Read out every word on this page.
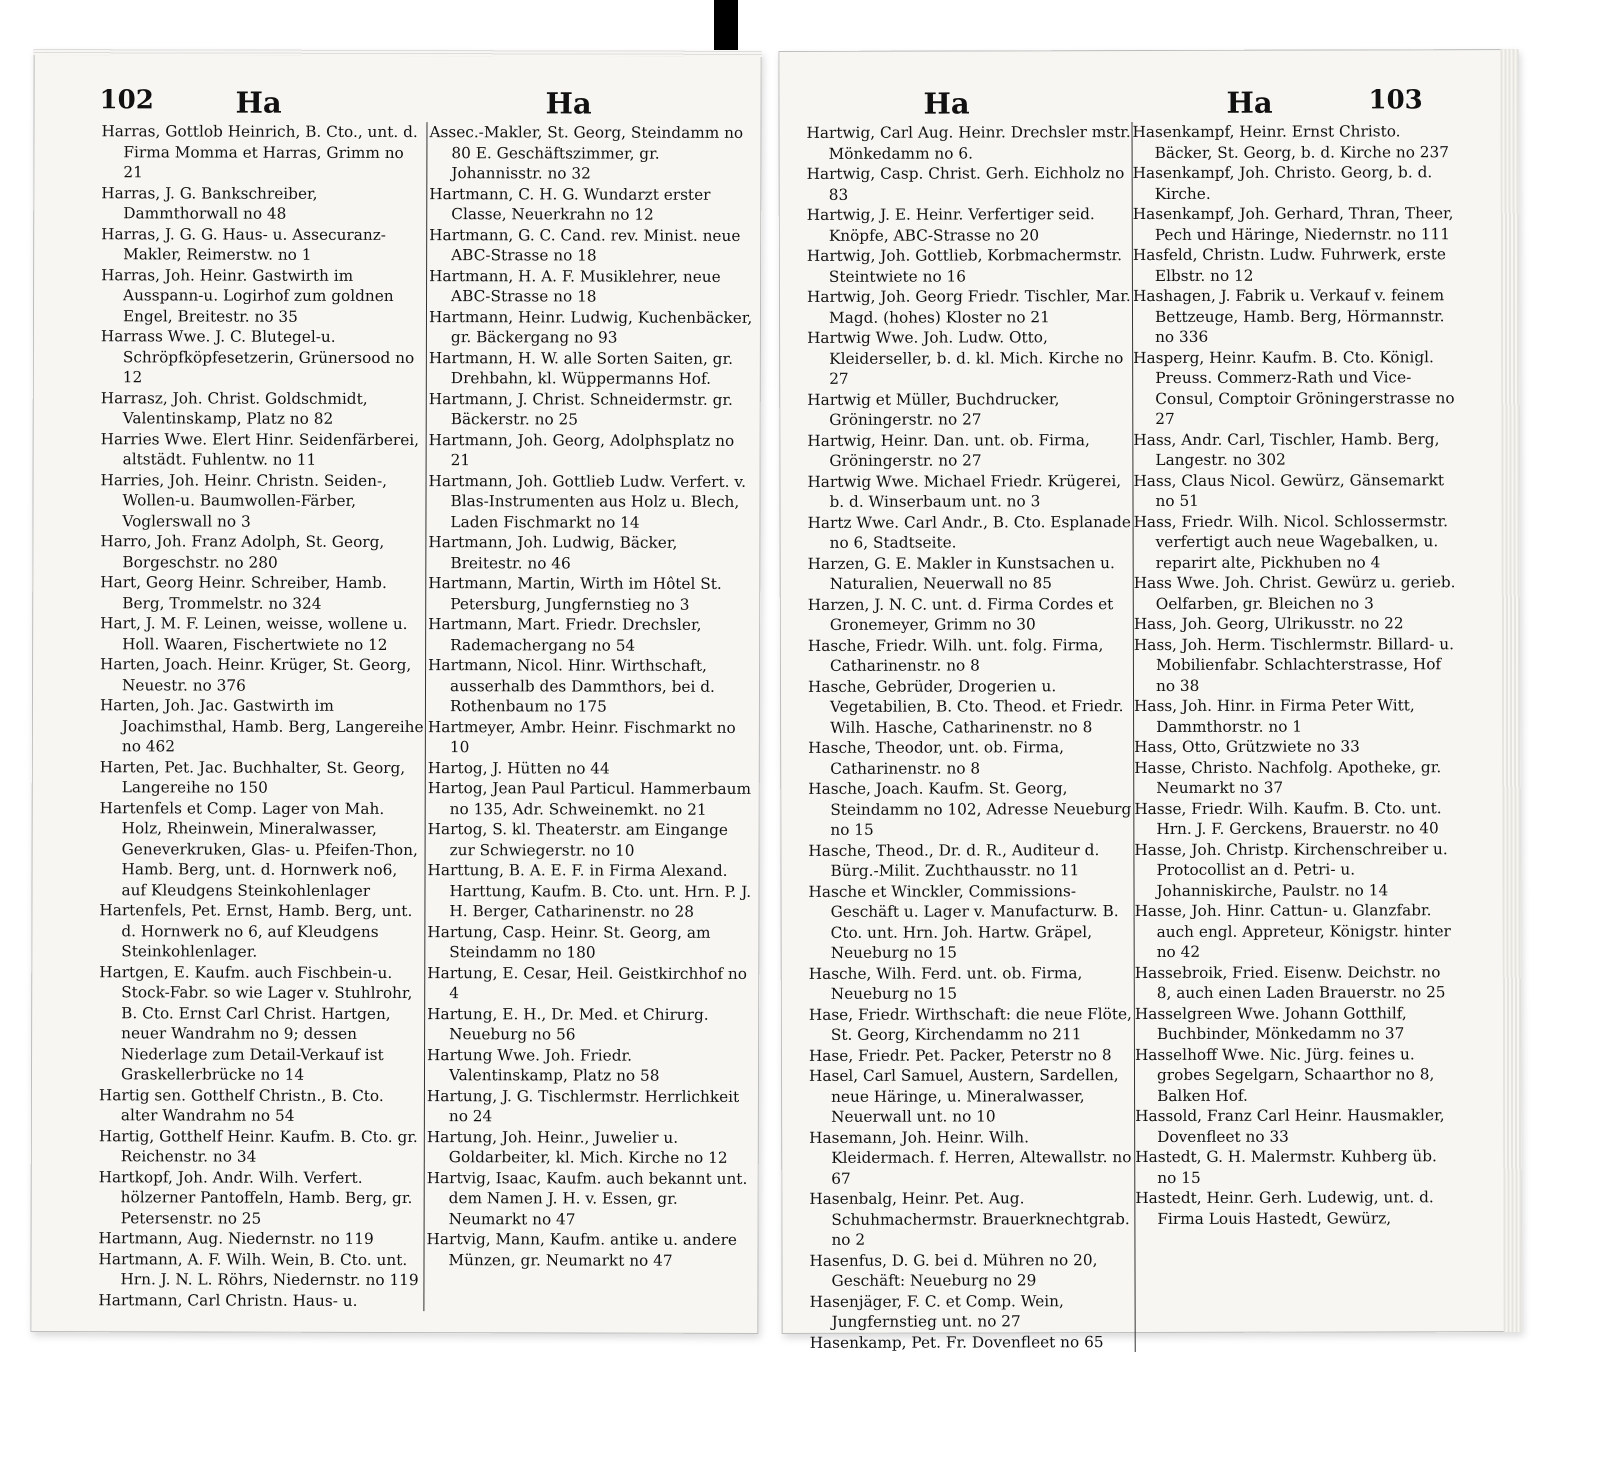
102	Ha	Ha

Harras, Gottlob Heinrich, B. Cto., unt. d. Firma Momma et Harras, Grimm no 21

Harras, J. G. Bankschreiber, Dammthorwall no 48

Harras, J. G. G. Haus- u. Assecuranz-Makler, Reimerstw. no 1

Harras, Joh. Heinr. Gastwirth im Ausspann-u. Logirhof zum goldnen Engel, Breitestr. no 35

Harrass Wwe. J. C. Blutegel-u. Schröpfköpfesetzerin, Grünersood no 12

Harrasz, Joh. Christ. Goldschmidt, Valentinskamp, Platz no 82

Harries Wwe. Elert Hinr. Seidenfärberei, altstädt. Fuhlentw. no 11

Harries, Joh. Heinr. Christn. Seiden-, Wollen-u. Baumwollen-Färber, Voglerswall no 3

Harro, Joh. Franz Adolph, St. Georg, Borgeschstr. no 280

Hart, Georg Heinr. Schreiber, Hamb. Berg, Trommelstr. no 324

Hart, J. M. F. Leinen, weisse, wollene u. Holl. Waaren, Fischertwiete no 12

Harten, Joach. Heinr. Krüger, St. Georg, Neuestr. no 376

Harten, Joh. Jac. Gastwirth im Joachimsthal, Hamb. Berg, Langereihe no 462

Harten, Pet. Jac. Buchhalter, St. Georg, Langereihe no 150

Hartenfels et Comp. Lager von Mah. Holz, Rheinwein, Mineralwasser, Geneverkruken, Glas- u. Pfeifen-Thon, Hamb. Berg, unt. d. Hornwerk no6, auf Kleudgens Steinkohlenlager

Hartenfels, Pet. Ernst, Hamb. Berg, unt. d. Hornwerk no 6, auf Kleudgens Steinkohlenlager.

Hartgen, E. Kaufm. auch Fischbein-u. Stock-Fabr. so wie Lager v. Stuhlrohr, B. Cto. Ernst Carl Christ. Hartgen, neuer Wandrahm no 9; dessen Niederlage zum Detail-Verkauf ist Graskellerbrücke no 14

Hartig sen. Gotthelf Christn., B. Cto. alter Wandrahm no 54

Hartig, Gotthelf Heinr. Kaufm. B. Cto. gr. Reichenstr. no 34

Hartkopf, Joh. Andr. Wilh. Verfert. hölzerner Pantoffeln, Hamb. Berg, gr. Petersenstr. no 25

Hartmann, Aug. Niedernstr. no 119

Hartmann, A. F. Wilh. Wein, B. Cto. unt. Hrn. J. N. L. Röhrs, Niedernstr. no 119

Hartmann, Carl Christn. Haus- u.

Assec.-Makler, St. Georg, Steindamm no 80 E. Geschäftszimmer, gr. Johannisstr. no 32

Hartmann, C. H. G. Wundarzt erster Classe, Neuerkrahn no 12

Hartmann, G. C. Cand. rev. Minist. neue ABC-Strasse no 18

Hartmann, H. A. F. Musiklehrer, neue ABC-Strasse no 18

Hartmann, Heinr. Ludwig, Kuchenbäcker, gr. Bäckergang no 93

Hartmann, H. W. alle Sorten Saiten, gr. Drehbahn, kl. Wüppermanns Hof.

Hartmann, J. Christ. Schneidermstr. gr. Bäckerstr. no 25

Hartmann, Joh. Georg, Adolphsplatz no 21

Hartmann, Joh. Gottlieb Ludw. Verfert. v. Blas-Instrumenten aus Holz u. Blech, Laden Fischmarkt no 14

Hartmann, Joh. Ludwig, Bäcker, Breitestr. no 46

Hartmann, Martin, Wirth im Hôtel St. Petersburg, Jungfernstieg no 3

Hartmann, Mart. Friedr. Drechsler, Rademachergang no 54

Hartmann, Nicol. Hinr. Wirthschaft, ausserhalb des Dammthors, bei d. Rothenbaum no 175

Hartmeyer, Ambr. Heinr. Fischmarkt no 10

Hartog, J. Hütten no 44

Hartog, Jean Paul Particul. Hammerbaum no 135, Adr. Schweinemkt. no 21

Hartog, S. kl. Theaterstr. am Eingange zur Schwiegerstr. no 10

Harttung, B. A. E. F. in Firma Alexand. Harttung, Kaufm. B. Cto. unt. Hrn. P. J. H. Berger, Catharinenstr. no 28

Hartung, Casp. Heinr. St. Georg, am Steindamm no 180

Hartung, E. Cesar, Heil. Geistkirchhof no 4

Hartung, E. H., Dr. Med. et Chirurg. Neueburg no 56

Hartung Wwe. Joh. Friedr. Valentinskamp, Platz no 58

Hartung, J. G. Tischlermstr. Herrlichkeit no 24

Hartung, Joh. Heinr., Juwelier u. Goldarbeiter, kl. Mich. Kirche no 12

Hartvig, Isaac, Kaufm. auch bekannt unt. dem Namen J. H. v. Essen, gr. Neumarkt no 47

Hartvig, Mann, Kaufm. antike u. andere Münzen, gr. Neumarkt no 47

Ha	Ha	103

Hartwig, Carl Aug. Heinr. Drechsler mstr. Mönkedamm no 6.

Hartwig, Casp. Christ. Gerh. Eichholz no 83

Hartwig, J. E. Heinr. Verfertiger seid. Knöpfe, ABC-Strasse no 20

Hartwig, Joh. Gottlieb, Korbmachermstr. Steintwiete no 16

Hartwig, Joh. Georg Friedr. Tischler, Mar. Magd. (hohes) Kloster no 21

Hartwig Wwe. Joh. Ludw. Otto, Kleiderseller, b. d. kl. Mich. Kirche no 27

Hartwig et Müller, Buchdrucker, Gröningerstr. no 27

Hartwig, Heinr. Dan. unt. ob. Firma, Gröningerstr. no 27

Hartwig Wwe. Michael Friedr. Krügerei, b. d. Winserbaum unt. no 3

Hartz Wwe. Carl Andr., B. Cto. Esplanade no 6, Stadtseite.

Harzen, G. E. Makler in Kunstsachen u. Naturalien, Neuerwall no 85

Harzen, J. N. C. unt. d. Firma Cordes et Gronemeyer, Grimm no 30

Hasche, Friedr. Wilh. unt. folg. Firma, Catharinenstr. no 8

Hasche, Gebrüder, Drogerien u. Vegetabilien, B. Cto. Theod. et Friedr. Wilh. Hasche, Catharinenstr. no 8

Hasche, Theodor, unt. ob. Firma, Catharinenstr. no 8

Hasche, Joach. Kaufm. St. Georg, Steindamm no 102, Adresse Neueburg no 15

Hasche, Theod., Dr. d. R., Auditeur d. Bürg.-Milit. Zuchthausstr. no 11

Hasche et Winckler, Commissions-Geschäft u. Lager v. Manufacturw. B. Cto. unt. Hrn. Joh. Hartw. Gräpel, Neueburg no 15

Hasche, Wilh. Ferd. unt. ob. Firma, Neueburg no 15

Hase, Friedr. Wirthschaft: die neue Flöte, St. Georg, Kirchendamm no 211

Hase, Friedr. Pet. Packer, Peterstr no 8

Hasel, Carl Samuel, Austern, Sardellen, neue Häringe, u. Mineralwasser, Neuerwall unt. no 10

Hasemann, Joh. Heinr. Wilh. Kleidermach. f. Herren, Altewallstr. no 67

Hasenbalg, Heinr. Pet. Aug. Schuhmachermstr. Brauerknechtgrab. no 2

Hasenfus, D. G. bei d. Mühren no 20, Geschäft: Neueburg no 29

Hasenjäger, F. C. et Comp. Wein, Jungfernstieg unt. no 27

Hasenkamp, Pet. Fr. Dovenfleet no 65

Hasenkampf, Heinr. Ernst Christo. Bäcker, St. Georg, b. d. Kirche no 237

Hasenkampf, Joh. Christo. Georg, b. d. Kirche.

Hasenkampf, Joh. Gerhard, Thran, Theer, Pech und Häringe, Niedernstr. no 111

Hasfeld, Christn. Ludw. Fuhrwerk, erste Elbstr. no 12

Hashagen, J. Fabrik u. Verkauf v. feinem Bettzeuge, Hamb. Berg, Hörmannstr. no 336

Hasperg, Heinr. Kaufm. B. Cto. Königl. Preuss. Commerz-Rath und Vice-Consul, Comptoir Gröningerstrasse no 27

Hass, Andr. Carl, Tischler, Hamb. Berg, Langestr. no 302

Hass, Claus Nicol. Gewürz, Gänsemarkt no 51

Hass, Friedr. Wilh. Nicol. Schlossermstr. verfertigt auch neue Wagebalken, u. reparirt alte, Pickhuben no 4

Hass Wwe. Joh. Christ. Gewürz u. gerieb. Oelfarben, gr. Bleichen no 3

Hass, Joh. Georg, Ulrikusstr. no 22

Hass, Joh. Herm. Tischlermstr. Billard- u. Mobilienfabr. Schlachterstrasse, Hof no 38

Hass, Joh. Hinr. in Firma Peter Witt, Dammthorstr. no 1

Hass, Otto, Grützwiete no 33

Hasse, Christo. Nachfolg. Apotheke, gr. Neumarkt no 37

Hasse, Friedr. Wilh. Kaufm. B. Cto. unt. Hrn. J. F. Gerckens, Brauerstr. no 40

Hasse, Joh. Christp. Kirchenschreiber u. Protocollist an d. Petri- u. Johanniskirche, Paulstr. no 14

Hasse, Joh. Hinr. Cattun- u. Glanzfabr. auch engl. Appreteur, Königstr. hinter no 42

Hassebroik, Fried. Eisenw. Deichstr. no 8, auch einen Laden Brauerstr. no 25

Hasselgreen Wwe. Johann Gotthilf, Buchbinder, Mönkedamm no 37

Hasselhoff Wwe. Nic. Jürg. feines u. grobes Segelgarn, Schaarthor no 8, Balken Hof.

Hassold, Franz Carl Heinr. Hausmakler, Dovenfleet no 33

Hastedt, G. H. Malermstr. Kuhberg üb. no 15

Hastedt, Heinr. Gerh. Ludewig, unt. d. Firma Louis Hastedt, Gewürz,
